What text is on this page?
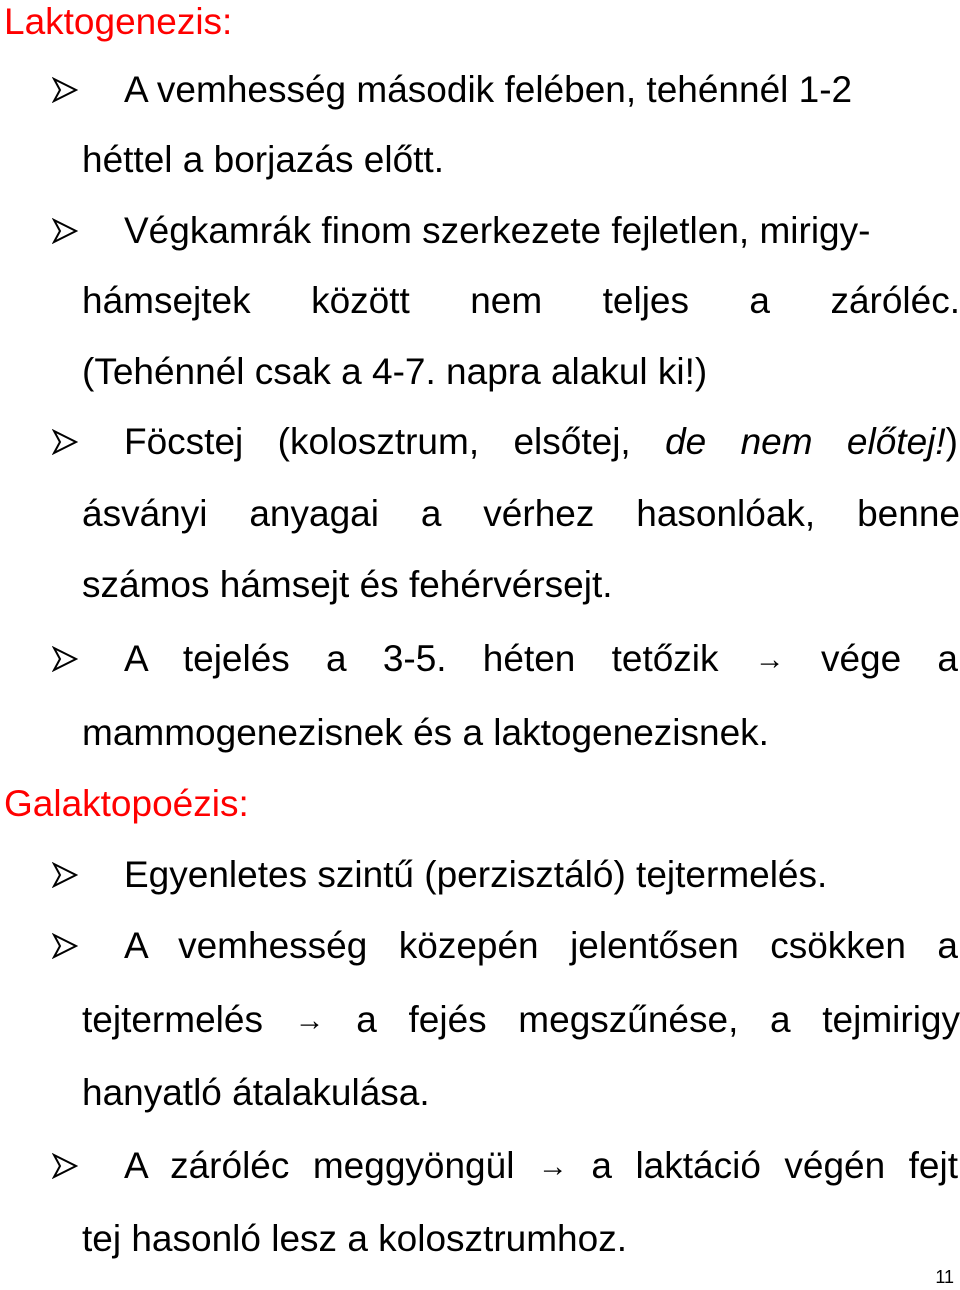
Laktogenezis:
A vemhesség második felében, tehénnél 1-2
héttel a borjazás előtt.
Végkamrák finom szerkezete fejletlen, mirigy-
hámsejtek között nem teljes a záróléc.
(Tehénnél csak a 4-7. napra alakul ki!)
Föcstej (kolosztrum, elsőtej, de nem előtej!)
ásványi anyagai a vérhez hasonlóak, benne
számos hámsejt és fehérvérsejt.
A tejelés a 3-5. héten tetőzik → vége a
mammogenezisnek és a laktogenezisnek.
Galaktopoézis:
Egyenletes szintű (perzisztáló) tejtermelés.
A vemhesség közepén jelentősen csökken a
tejtermelés → a fejés megszűnése, a tejmirigy
hanyatló átalakulása.
A záróléc meggyöngül → a laktáció végén fejt
tej hasonló lesz a kolosztrumhoz.
11
